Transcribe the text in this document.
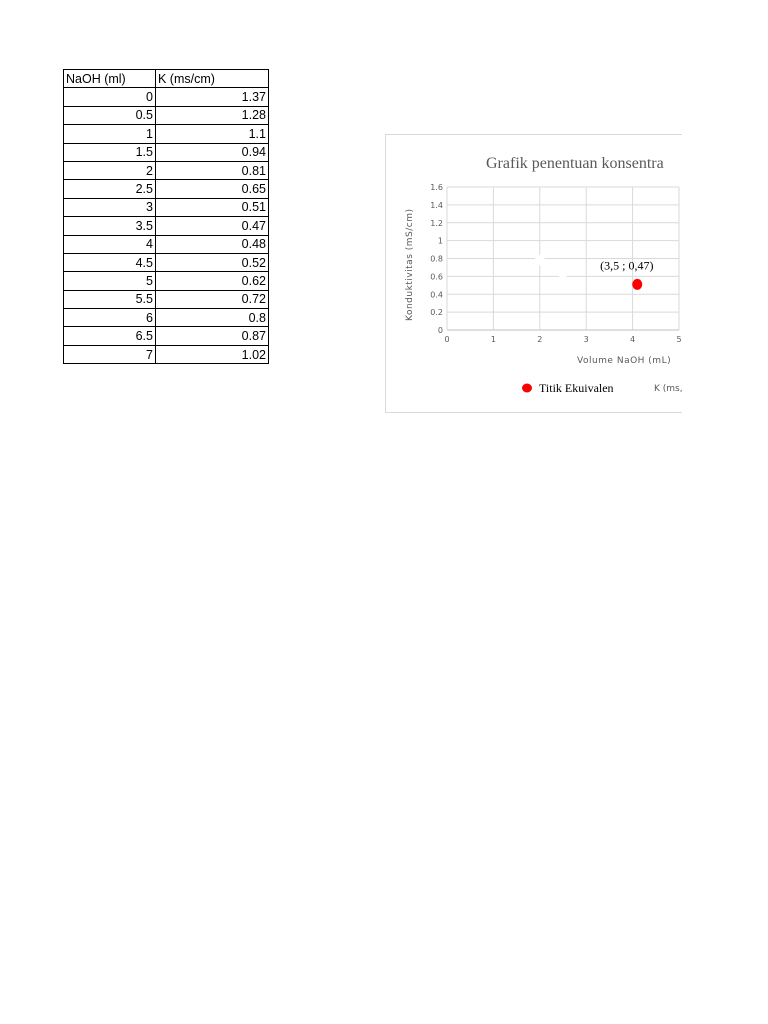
NaOH (ml)	K (ms/cm)
0	1.37
0.5	1.28
1	1.1
1.5	0.94
2	0.81
2.5	0.65
3	0.51
3.5	0.47
4	0.48
4.5	0.52
5	0.62
5.5	0.72
6	0.8
6.5	0.87
7	1.02
0
0.2
0.4
0.6
0.8
1
1.2
1.4
1.6
0	1	2	3	4	5
Grafik penentuan konsentra
Volume NaOH (mL)
Konduktivitas (mS/cm)	(3,5 ; 0,47)
Titik Ekuivalen	K (ms,
